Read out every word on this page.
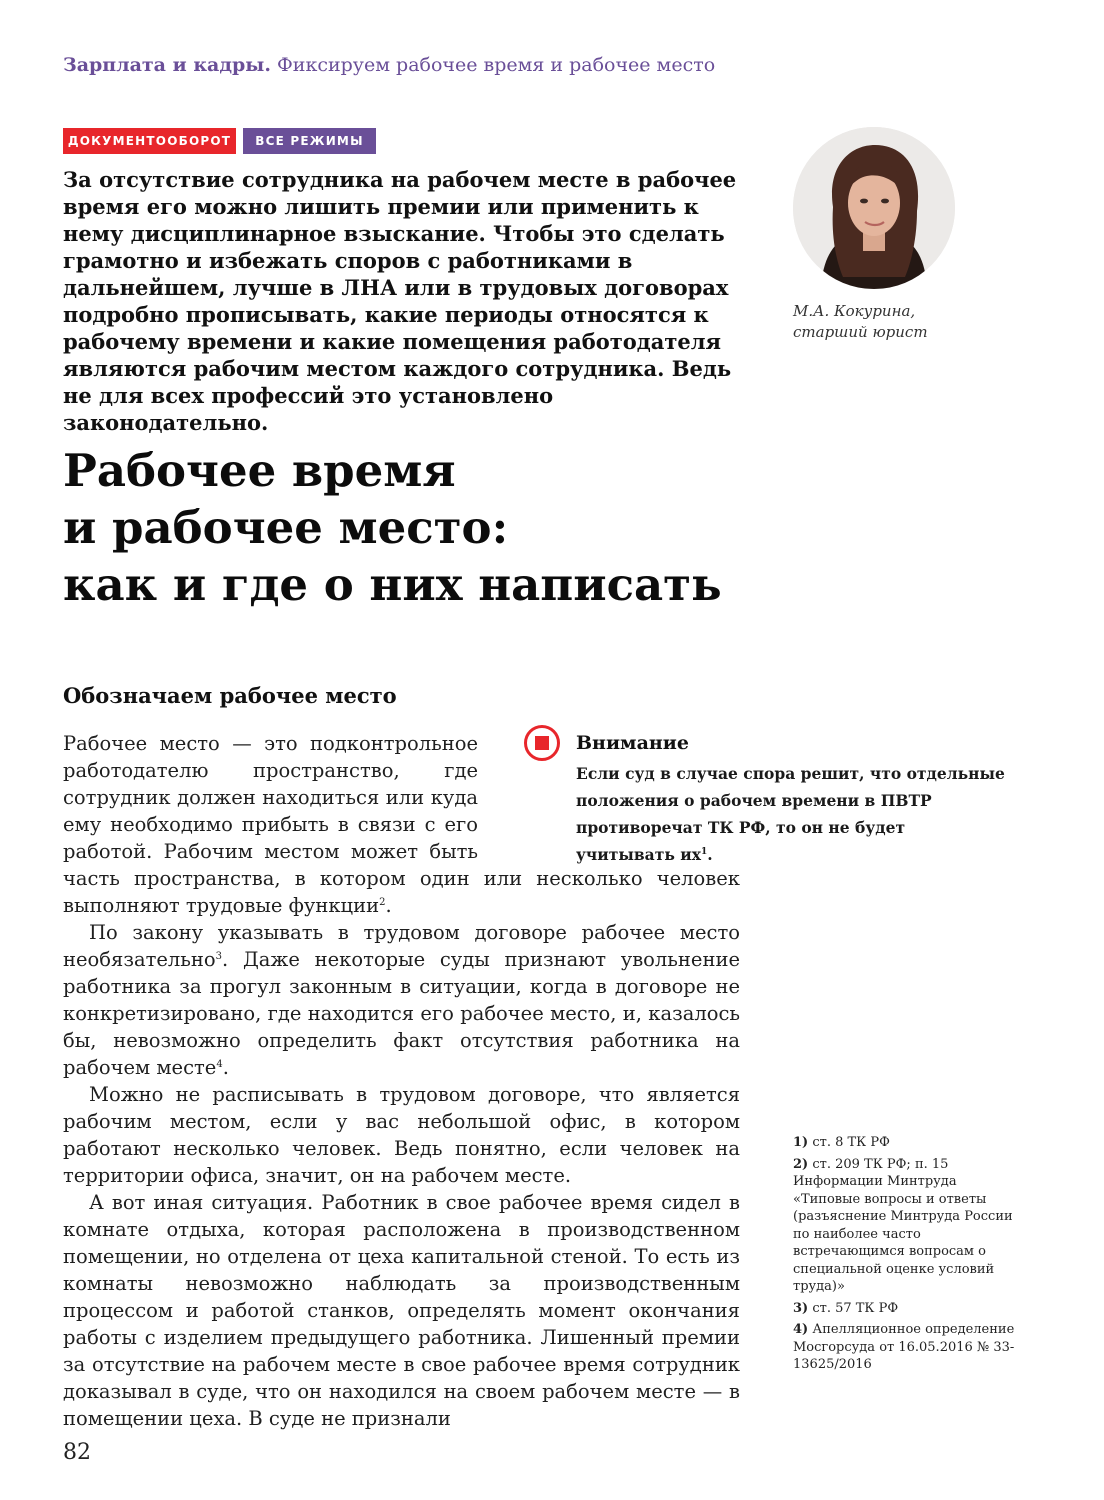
Зарплата и кадры. Фиксируем рабочее время и рабочее место
ДОКУМЕНТООБОРОТ	ВСЕ РЕЖИМЫ
За отсутствие сотрудника на рабочем месте в рабочее время его можно лишить премии или применить к нему дисциплинарное взыскание. Чтобы это сделать грамотно и избежать споров с работниками в дальнейшем, лучше в ЛНА или в трудовых договорах подробно прописывать, какие периоды относятся к рабочему времени и какие помещения работодателя являются рабочим местом каждого сотрудника. Ведь не для всех профессий это установлено законодательно.
М.А. Кокурина,
старший юрист
Рабочее время
и рабочее место:
как и где о них написать
Обозначаем рабочее место
Внимание
Если суд в случае спора решит, что отдельные положения о рабочем времени в ПВТР противоречат ТК РФ, то он не будет учитывать $их^1$.

Рабочее место — это подконтрольное работодателю пространство, где сотрудник должен находиться или куда ему необходимо прибыть в связи с его работой. Рабочим местом может быть часть пространства, в котором один или несколько человек выполняют трудовые функции$^2$.

По закону указывать в трудовом договоре рабочее место необязательно$^3$. Даже некоторые суды признают увольнение работника за прогул законным в ситуации, когда в договоре не конкретизировано, где находится его рабочее место, и, казалось бы, невозможно определить факт отсутствия работника на рабочем месте$^4$.

Можно не расписывать в трудовом договоре, что является рабочим местом, если у вас небольшой офис, в котором работают несколько человек. Ведь понятно, если человек на территории офиса, значит, он на рабочем месте.

А вот иная ситуация. Работник в свое рабочее время сидел в комнате отдыха, которая расположена в производственном помещении, но отделена от цеха капитальной стеной. То есть из комнаты невозможно наблюдать за производственным процессом и работой станков, определять момент окончания работы с изделием предыдущего работника. Лишенный премии за отсутствие на рабочем месте в свое рабочее время сотрудник доказывал в суде, что он находился на своем рабочем месте — в помещении цеха. В суде не признали

1) ст. 8 ТК РФ
2) ст. 209 ТК РФ; п. 15 Информации Минтруда «Типовые вопросы и ответы (разъяснение Минтруда России по наиболее часто встречающимся вопросам о специальной оценке условий труда)»
3) ст. 57 ТК РФ
4) Апелляционное определение Мосгорсуда от 16.05.2016 № 33-13625/2016
82
